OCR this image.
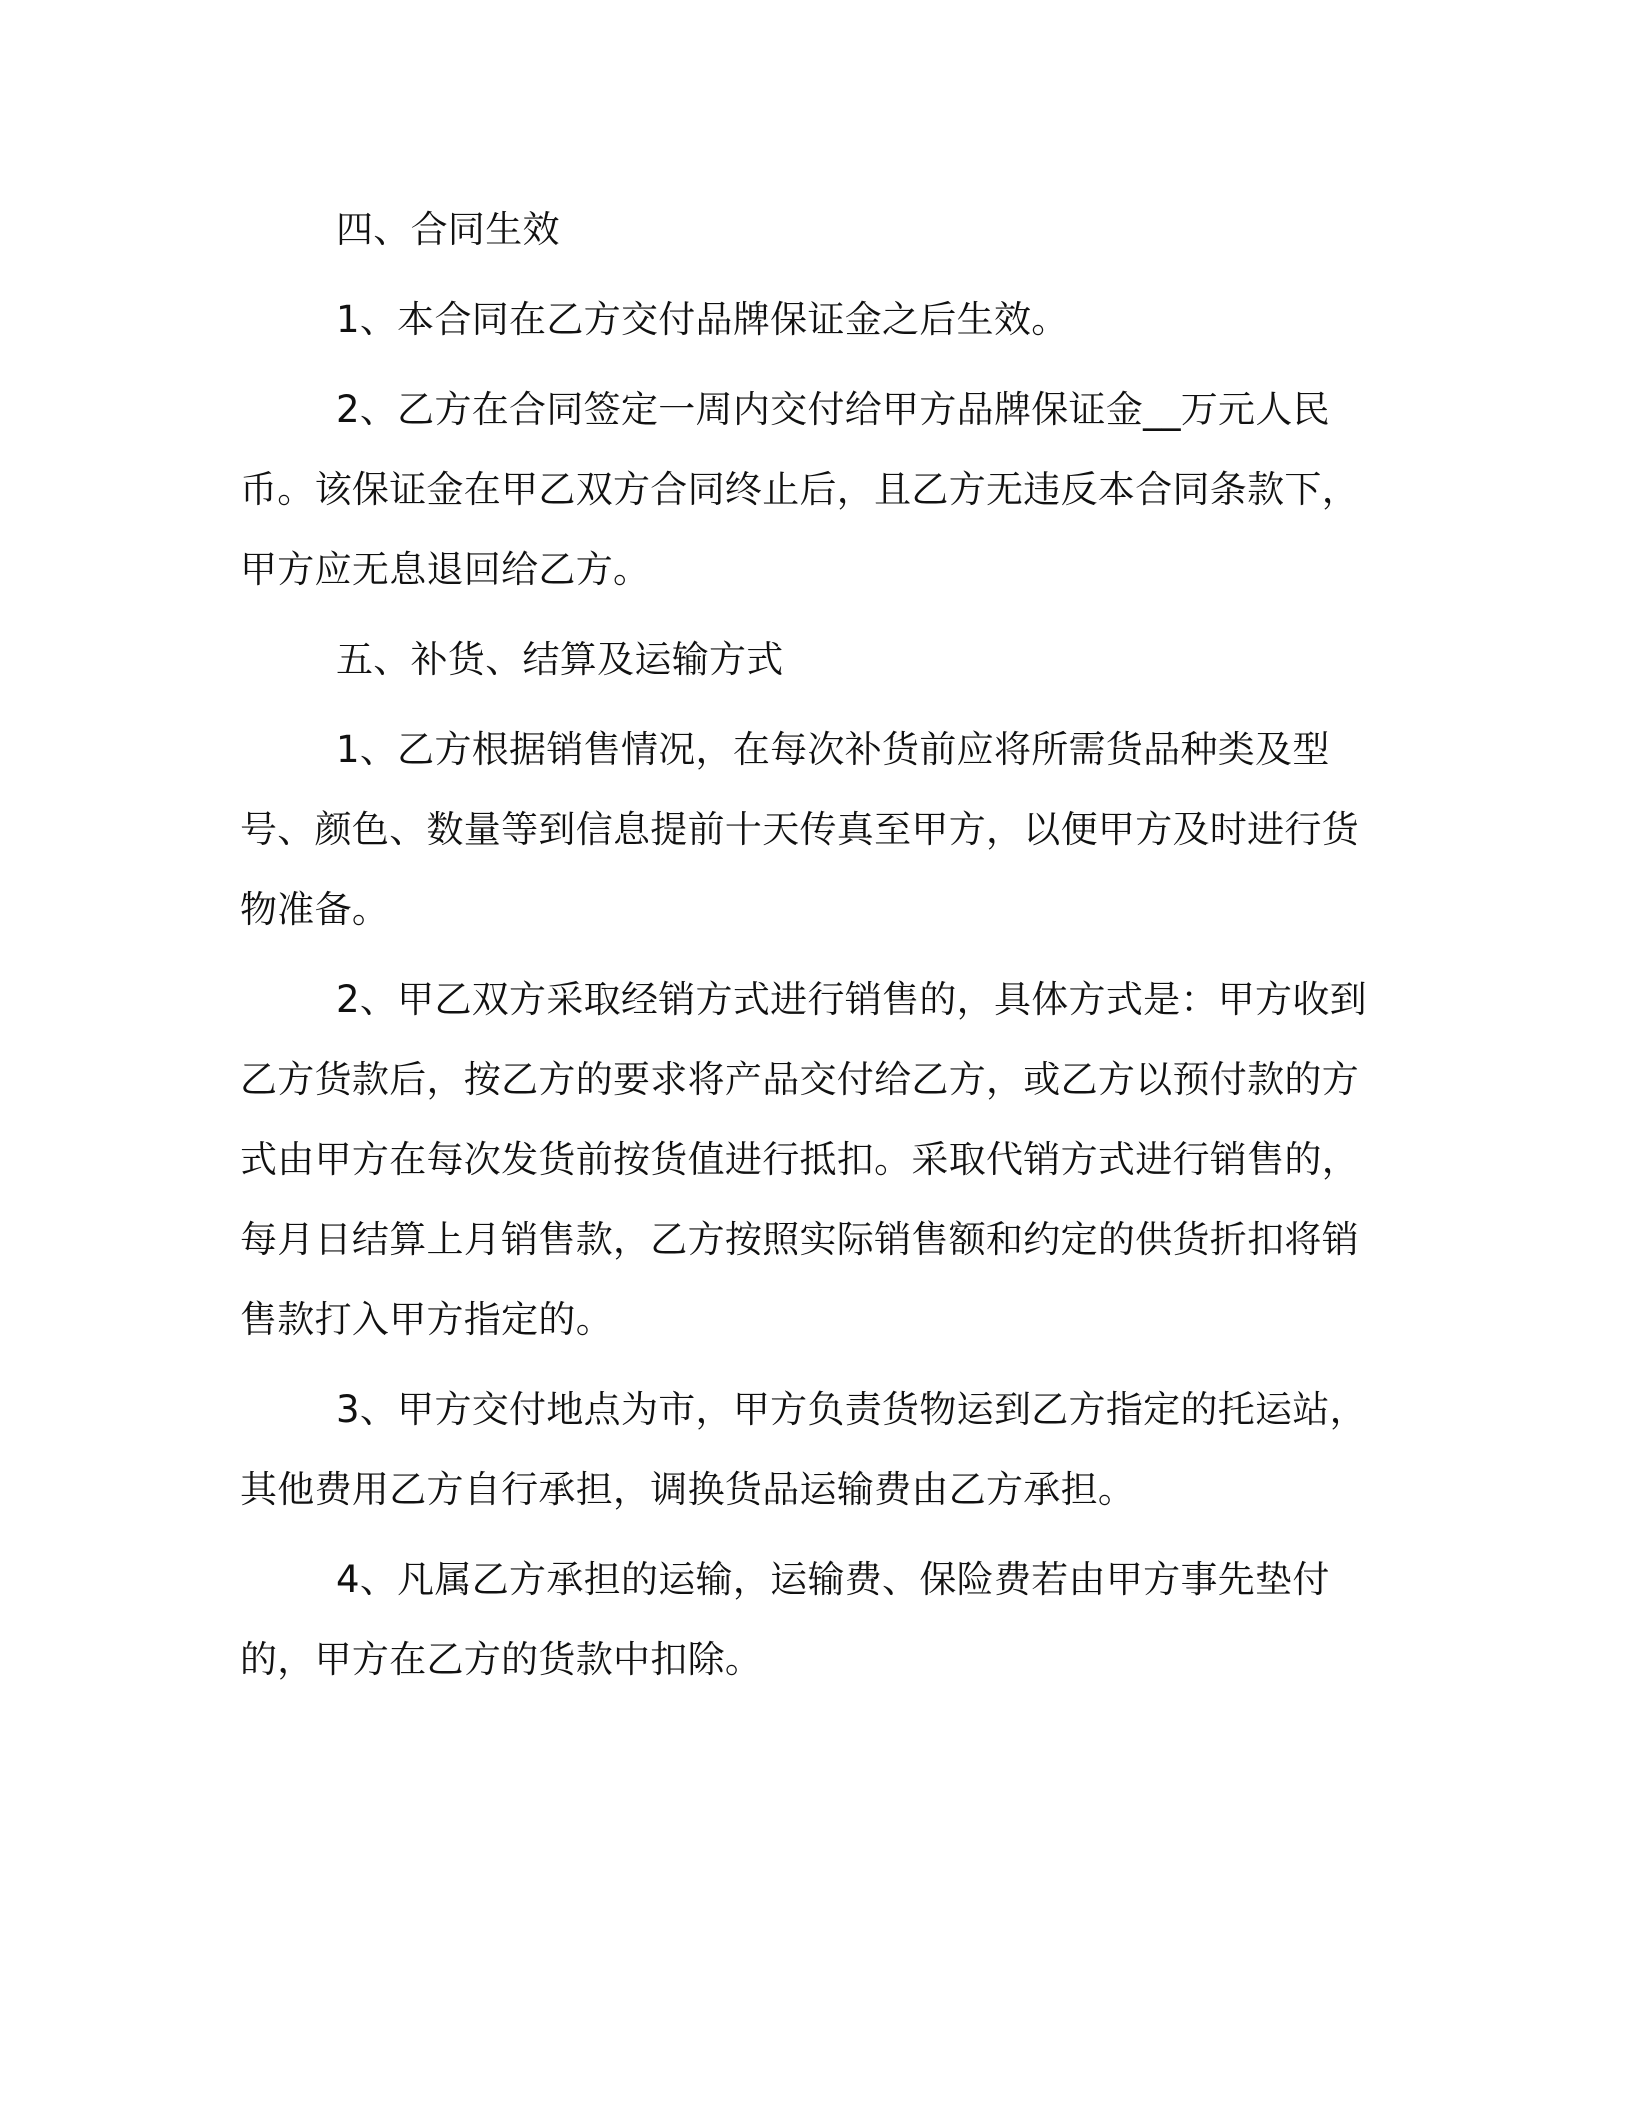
四、合同生效

1、本合同在乙方交付品牌保证金之后生效。

2、乙方在合同签定一周内交付给甲方品牌保证金__万元人民币。该保证金在甲乙双方合同终止后，且乙方无违反本合同条款下，甲方应无息退回给乙方。

五、补货、结算及运输方式

1、乙方根据销售情况，在每次补货前应将所需货品种类及型号、颜色、数量等到信息提前十天传真至甲方，以便甲方及时进行货物准备。

2、甲乙双方采取经销方式进行销售的，具体方式是：甲方收到乙方货款后，按乙方的要求将产品交付给乙方，或乙方以预付款的方式由甲方在每次发货前按货值进行抵扣。采取代销方式进行销售的，每月日结算上月销售款，乙方按照实际销售额和约定的供货折扣将销售款打入甲方指定的。

3、甲方交付地点为市，甲方负责货物运到乙方指定的托运站，其他费用乙方自行承担，调换货品运输费由乙方承担。

4、凡属乙方承担的运输，运输费、保险费若由甲方事先垫付的，甲方在乙方的货款中扣除。
